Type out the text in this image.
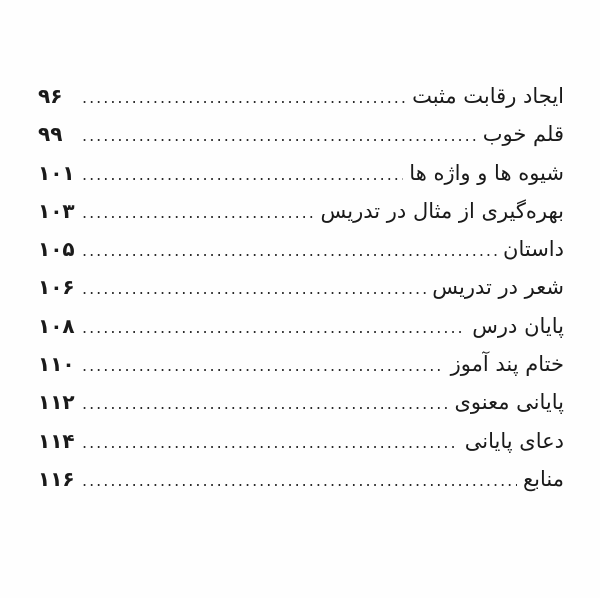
ایجاد رقابت مثبت
.....
۹۶
قلم خوب
.....
۹۹
شیوه ها و واژه ها
.....
۱۰۱
بهره‌گیری از مثال در تدریس
.....
۱۰۳
داستان
.....
۱۰۵
شعر در تدریس
.....
۱۰۶
پایان درس
.....
۱۰۸
ختام پند آموز
.....
۱۱۰
پایانی معنوی
.....
۱۱۲
دعای پایانی
.....
۱۱۴
منابع
.....
۱۱۶
